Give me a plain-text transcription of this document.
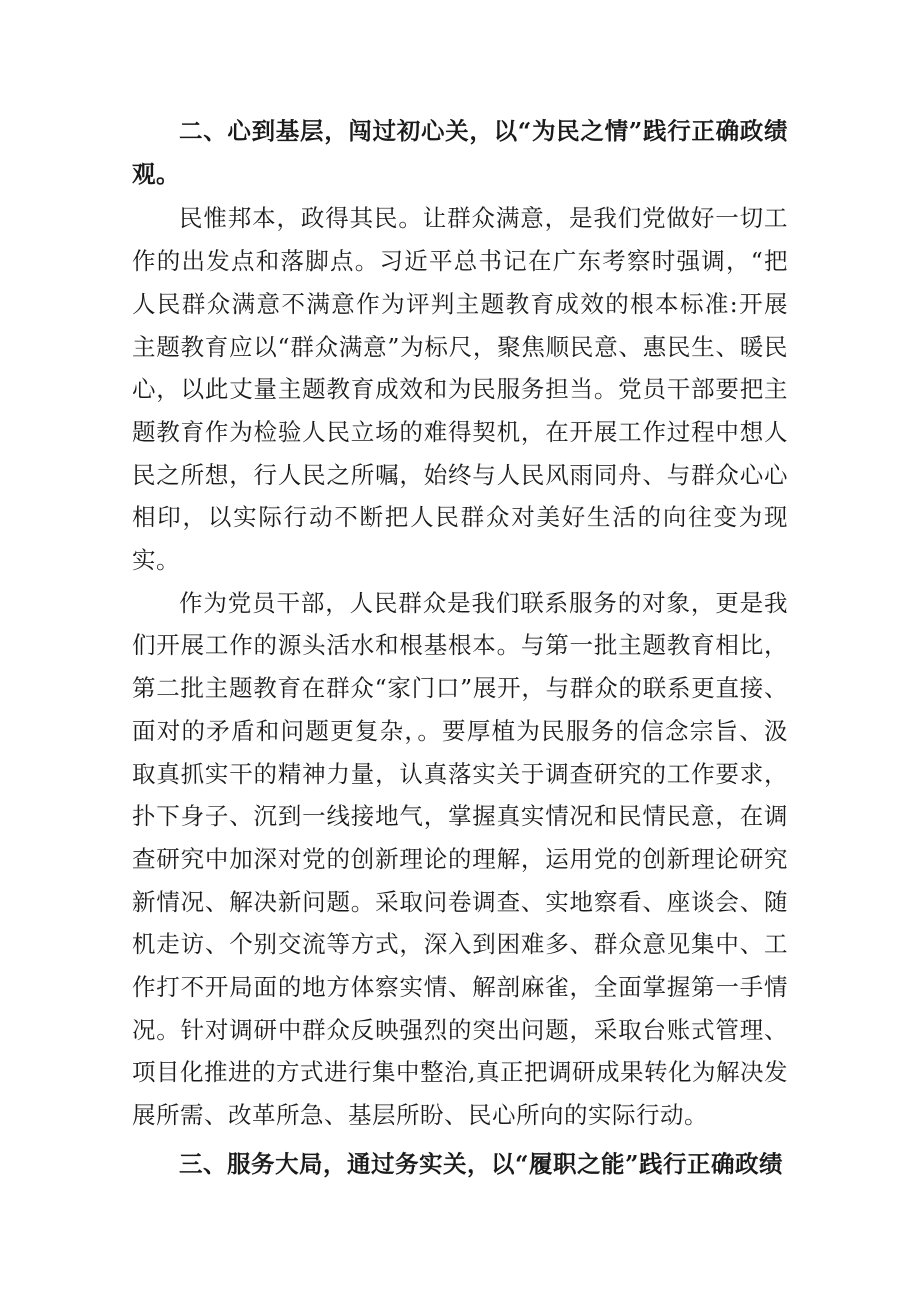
二、心到基层，闯过初心关，以“为民之情”践行正确政绩观。

民惟邦本，政得其民。让群众满意，是我们党做好一切工作的出发点和落脚点。习近平总书记在广东考察时强调，“把人民群众满意不满意作为评判主题教育成效的根本标准:开展主题教育应以“群众满意”为标尺，聚焦顺民意、惠民生、暖民心，以此丈量主题教育成效和为民服务担当。党员干部要把主题教育作为检验人民立场的难得契机，在开展工作过程中想人民之所想，行人民之所嘱，始终与人民风雨同舟、与群众心心相印，以实际行动不断把人民群众对美好生活的向往变为现实。

作为党员干部，人民群众是我们联系服务的对象，更是我们开展工作的源头活水和根基根本。与第一批主题教育相比，第二批主题教育在群众“家门口”展开，与群众的联系更直接、面对的矛盾和问题更复杂，。要厚植为民服务的信念宗旨、汲取真抓实干的精神力量，认真落实关于调查研究的工作要求，扑下身子、沉到一线接地气，掌握真实情况和民情民意，在调查研究中加深对党的创新理论的理解，运用党的创新理论研究新情况、解决新问题。采取问卷调查、实地察看、座谈会、随机走访、个别交流等方式，深入到困难多、群众意见集中、工作打不开局面的地方体察实情、解剖麻雀，全面掌握第一手情况。针对调研中群众反映强烈的突出问题，采取台账式管理、项目化推进的方式进行集中整治,真正把调研成果转化为解决发展所需、改革所急、基层所盼、民心所向的实际行动。

三、服务大局，通过务实关，以“履职之能”践行正确政绩
